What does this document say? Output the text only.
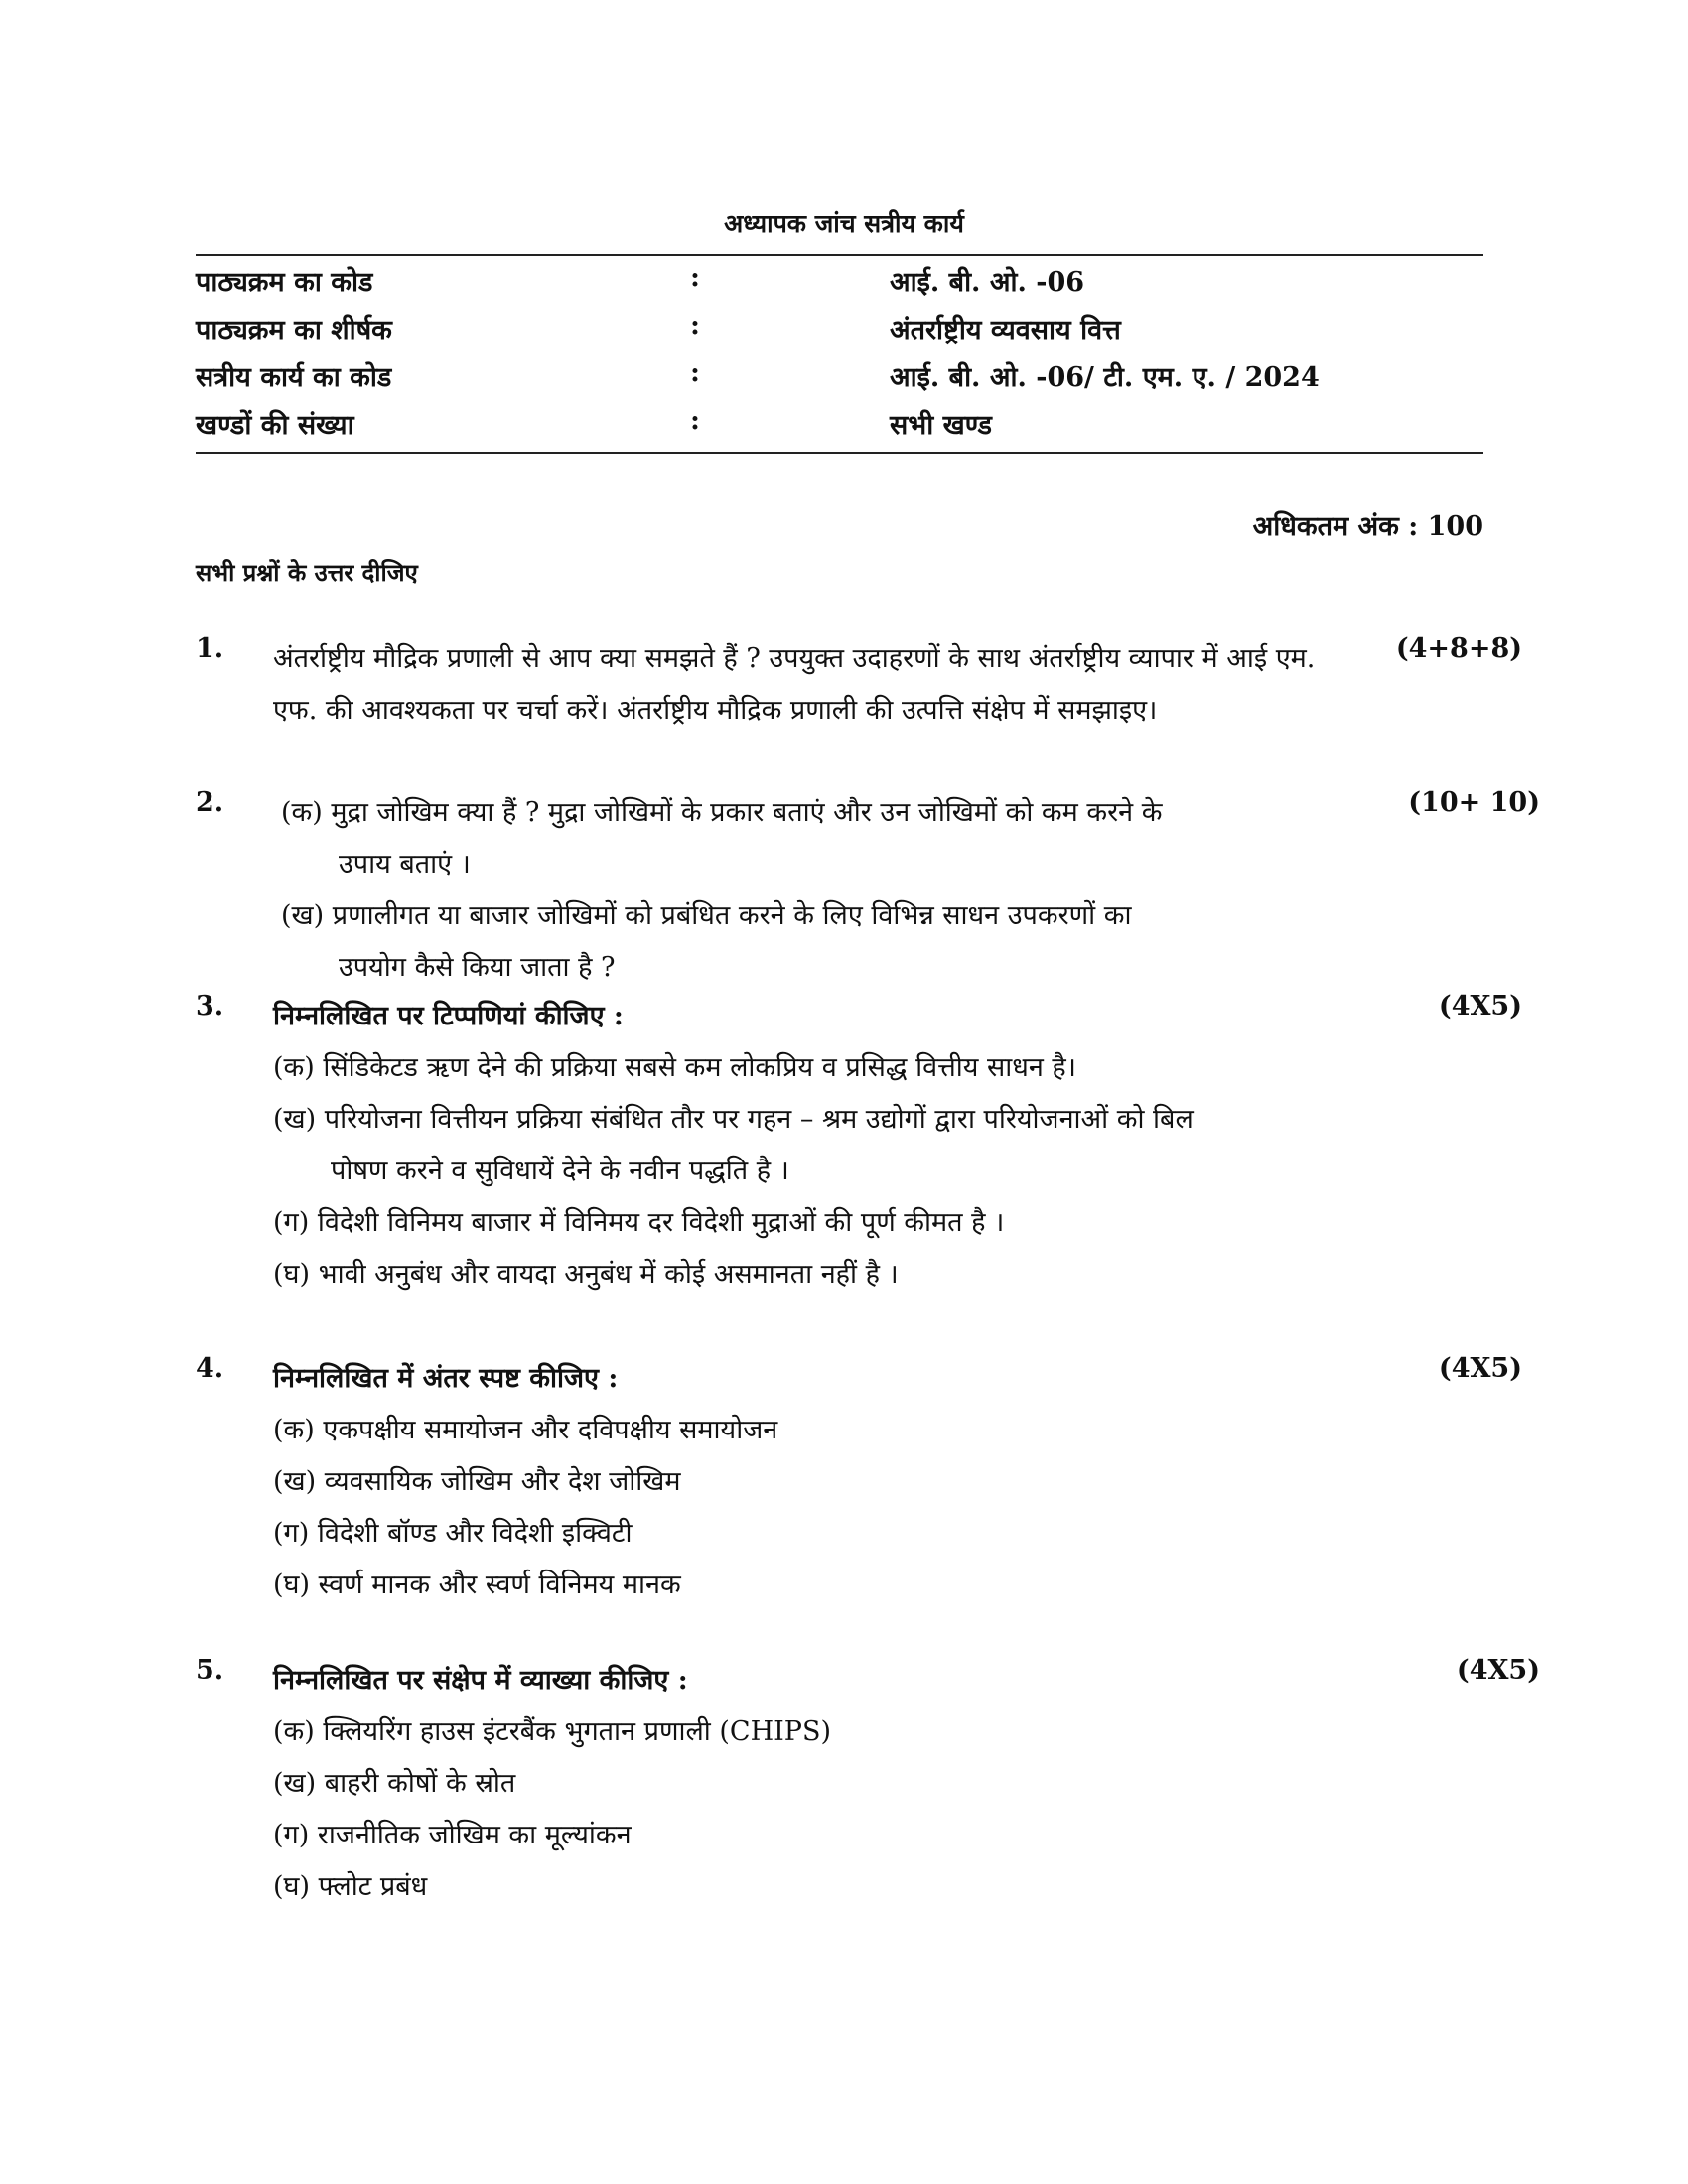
अध्यापक जांच सत्रीय कार्य
पाठ्यक्रम का कोड	:	आई. बी. ओ. -06
पाठ्यक्रम का शीर्षक	:	अंतर्राष्ट्रीय व्यवसाय वित्त
सत्रीय कार्य का कोड	:	आई. बी. ओ. -06/ टी. एम. ए. / 2024
खण्डों की संख्या	:	सभी खण्ड
अधिकतम अंक : 100
सभी प्रश्नों के उत्तर दीजिए
1. अंतर्राष्ट्रीय मौद्रिक प्रणाली से आप क्या समझते हैं ? उपयुक्त उदाहरणों के साथ अंतर्राष्ट्रीय व्यापार में आई एम. एफ. की आवश्यकता पर चर्चा करें। अंतर्राष्ट्रीय मौद्रिक प्रणाली की उत्पत्ति संक्षेप में समझाइए।
(4+8+8)
2.	(10+ 10)
(क) मुद्रा जोखिम क्या हैं ? मुद्रा जोखिमों के प्रकार बताएं और उन जोखिमों को कम करने के
उपाय बताएं ।
(ख) प्रणालीगत या बाजार जोखिमों को प्रबंधित करने के लिए विभिन्न साधन उपकरणों का
उपयोग कैसे किया जाता है ?
3.	(4X5)
निम्नलिखित पर टिप्पणियां कीजिए :
(क) सिंडिकेटड ऋण देने की प्रक्रिया सबसे कम लोकप्रिय व प्रसिद्ध वित्तीय साधन है।
(ख) परियोजना वित्तीयन प्रक्रिया संबंधित तौर पर गहन – श्रम उद्योगों द्वारा परियोजनाओं को बिल
पोषण करने व सुविधायें देने के नवीन पद्धति है ।
(ग) विदेशी विनिमय बाजार में विनिमय दर विदेशी मुद्राओं की पूर्ण कीमत है ।
(घ) भावी अनुबंध और वायदा अनुबंध में कोई असमानता नहीं है ।
4.	(4X5)
निम्नलिखित में अंतर स्पष्ट कीजिए :
(क) एकपक्षीय समायोजन और दविपक्षीय समायोजन
(ख) व्यवसायिक जोखिम और देश जोखिम
(ग) विदेशी बॉण्ड और विदेशी इक्विटी
(घ) स्वर्ण मानक और स्वर्ण विनिमय मानक
5.	(4X5)
निम्नलिखित पर संक्षेप में व्याख्या कीजिए :
(क) क्लियरिंग हाउस इंटरबैंक भुगतान प्रणाली (CHIPS)
(ख) बाहरी कोषों के स्रोत
(ग) राजनीतिक जोखिम का मूल्यांकन
(घ) फ्लोट प्रबंध
